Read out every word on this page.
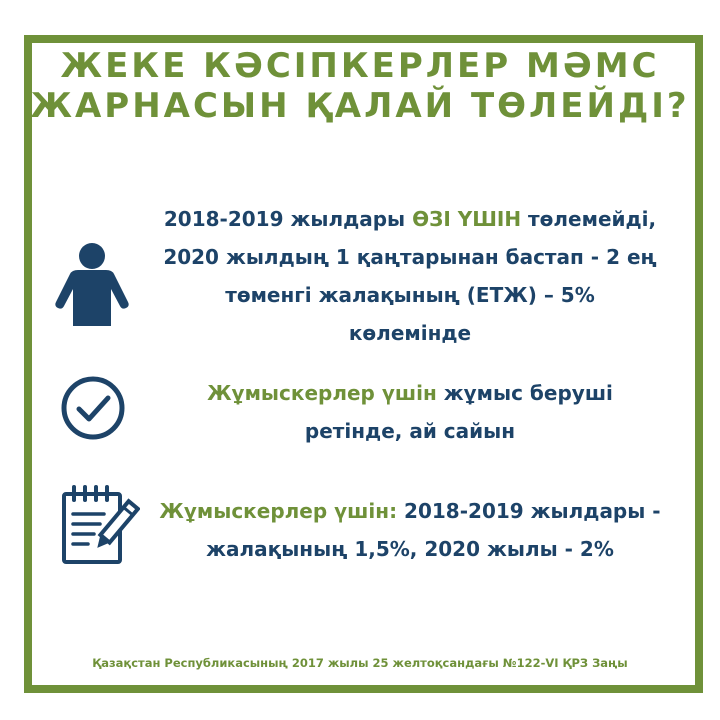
ЖЕКЕ КӘСІПКЕРЛЕР МӘМС
ЖАРНАСЫН ҚАЛАЙ ТӨЛЕЙДІ?
2018-2019 жылдары ӨЗІ ҮШІН төлемейді,
2020 жылдың 1 қаңтарынан бастап - 2 ең
төменгі жалақының (ЕТЖ) – 5%
көлемінде
Жұмыскерлер үшін жұмыс беруші
ретінде, ай сайын
Жұмыскерлер үшін: 2018-2019 жылдары -
жалақының 1,5%, 2020 жылы - 2%
Қазақстан Республикасының 2017 жылы 25 желтоқсандағы №122-VI ҚРЗ Заңы
